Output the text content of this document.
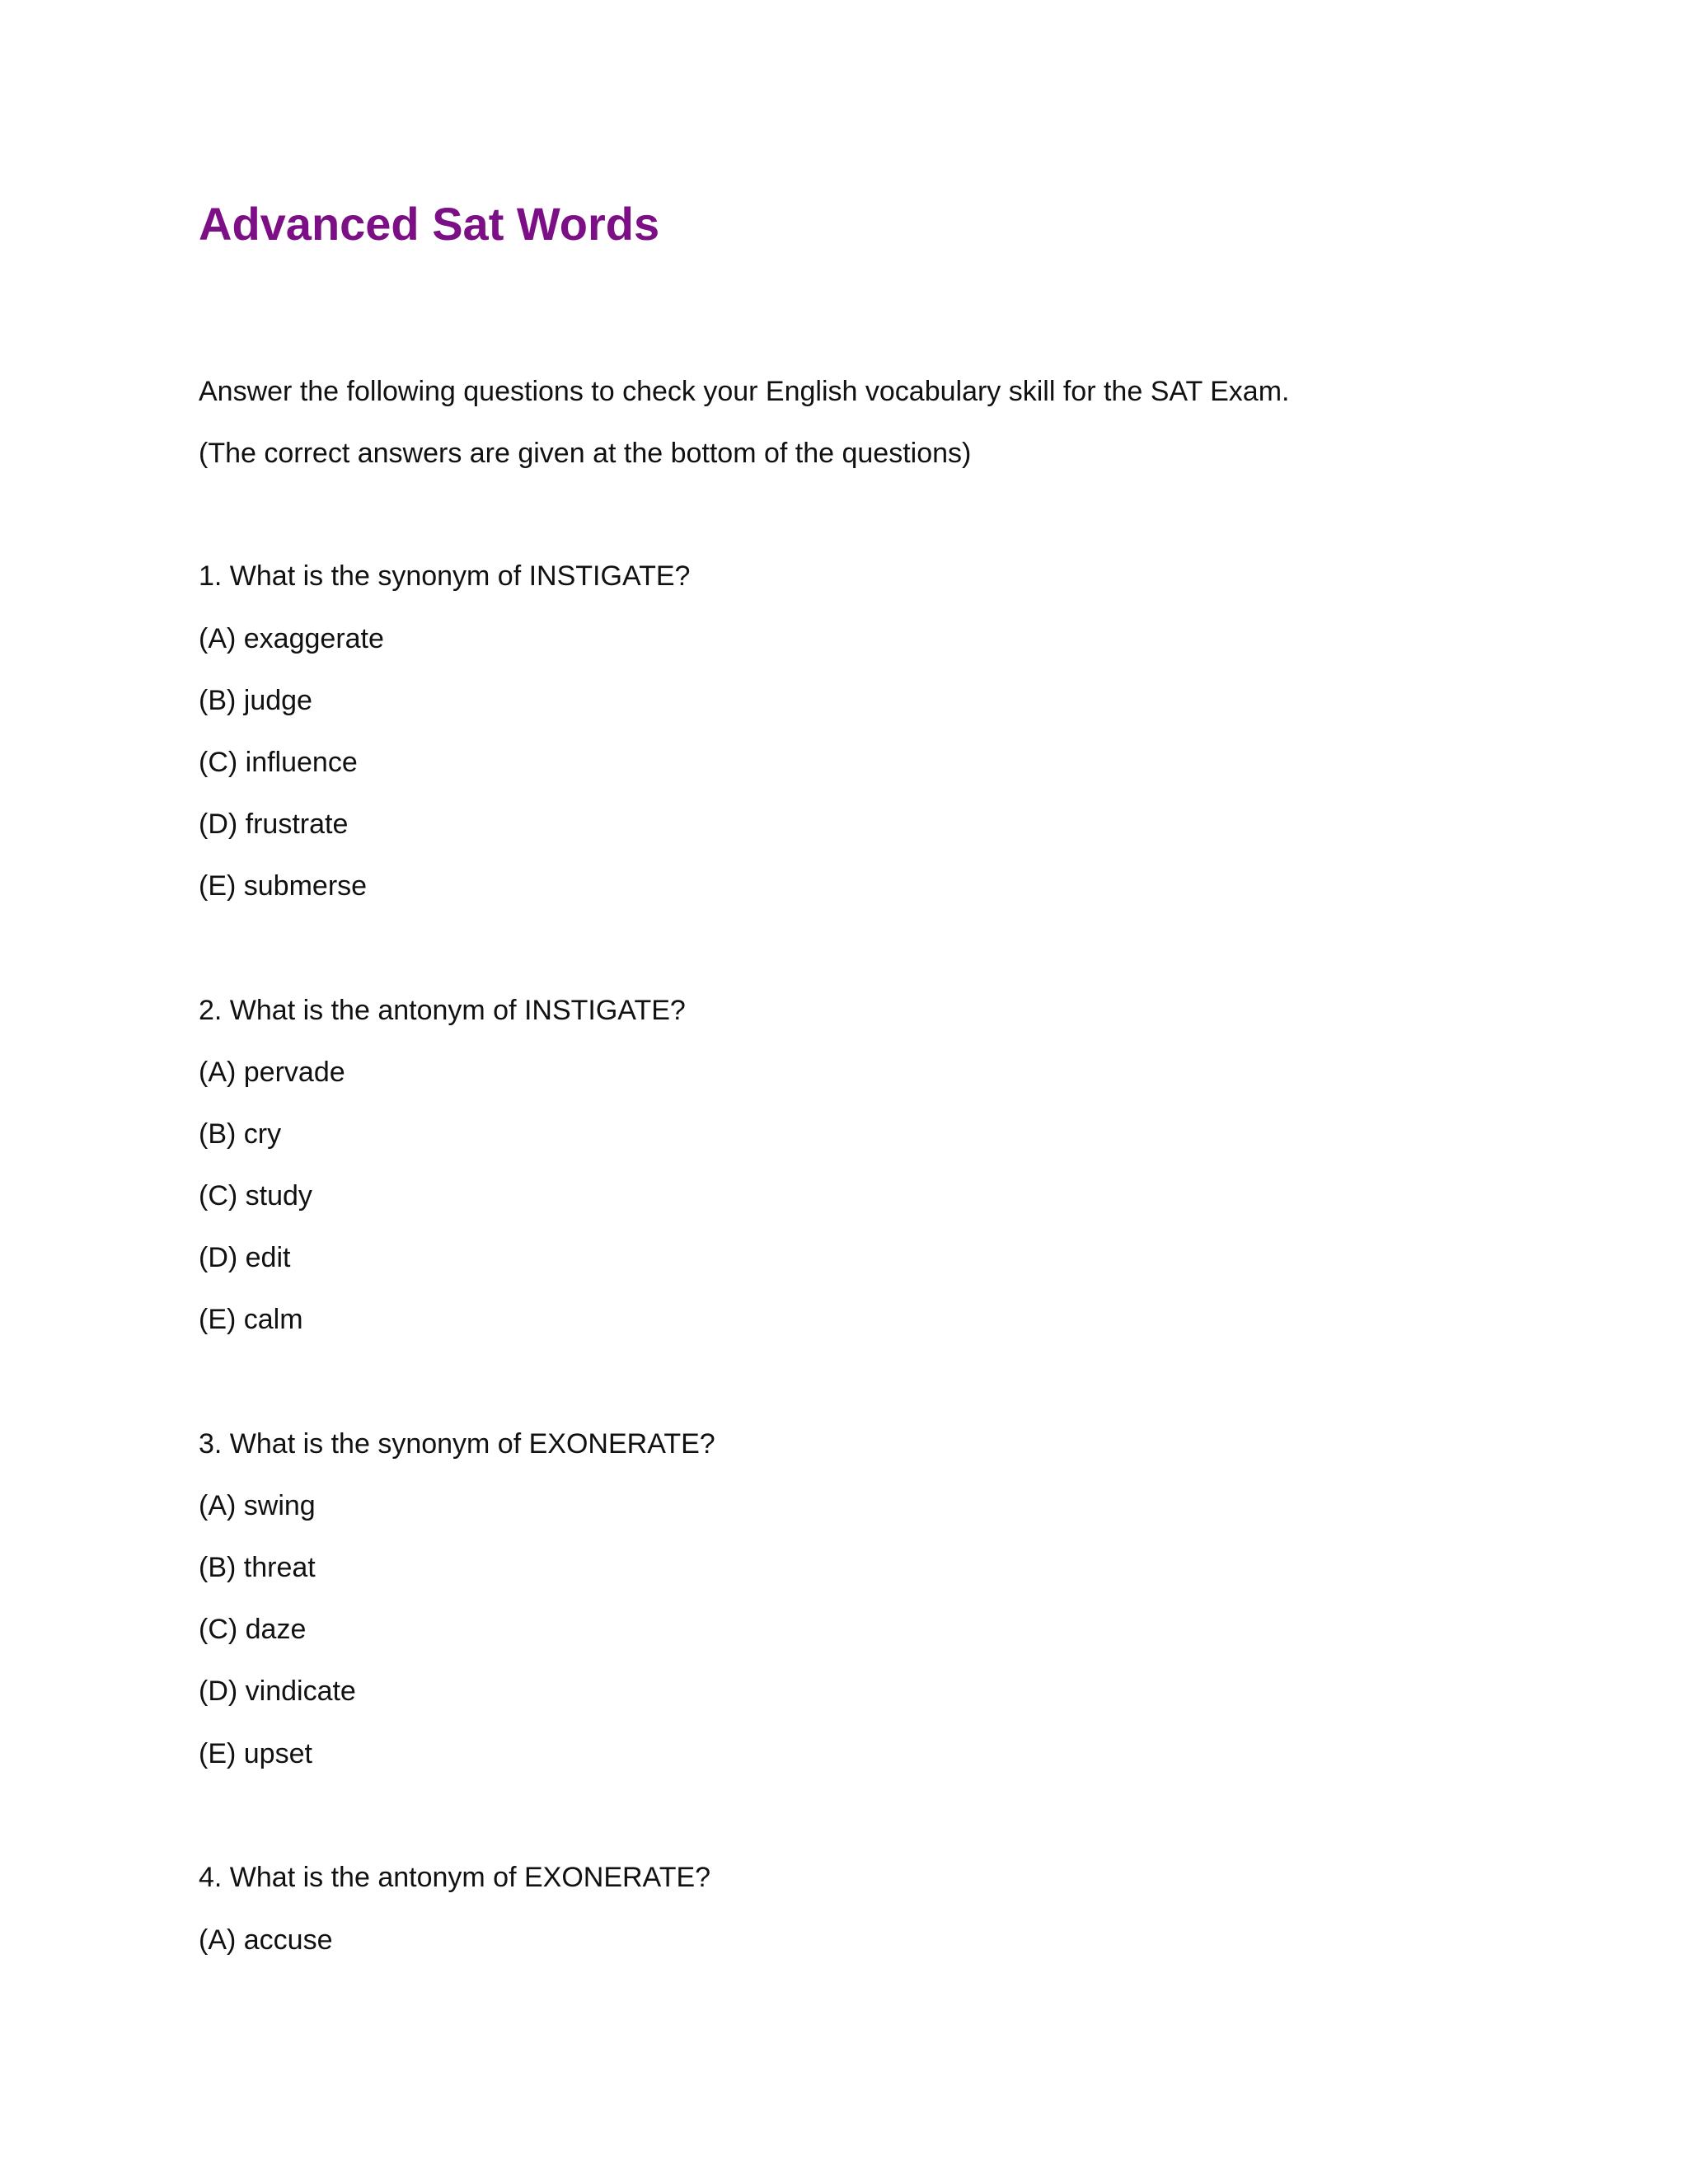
Advanced Sat Words

Answer the following questions to check your English vocabulary skill for the SAT Exam.

(The correct answers are given at the bottom of the questions)

1. What is the synonym of INSTIGATE?

(A) exaggerate

(B) judge

(C) influence

(D) frustrate

(E) submerse

2. What is the antonym of INSTIGATE?

(A) pervade

(B) cry

(C) study

(D) edit

(E) calm

3. What is the synonym of EXONERATE?

(A) swing

(B) threat

(C) daze

(D) vindicate

(E) upset

4. What is the antonym of EXONERATE?

(A) accuse
